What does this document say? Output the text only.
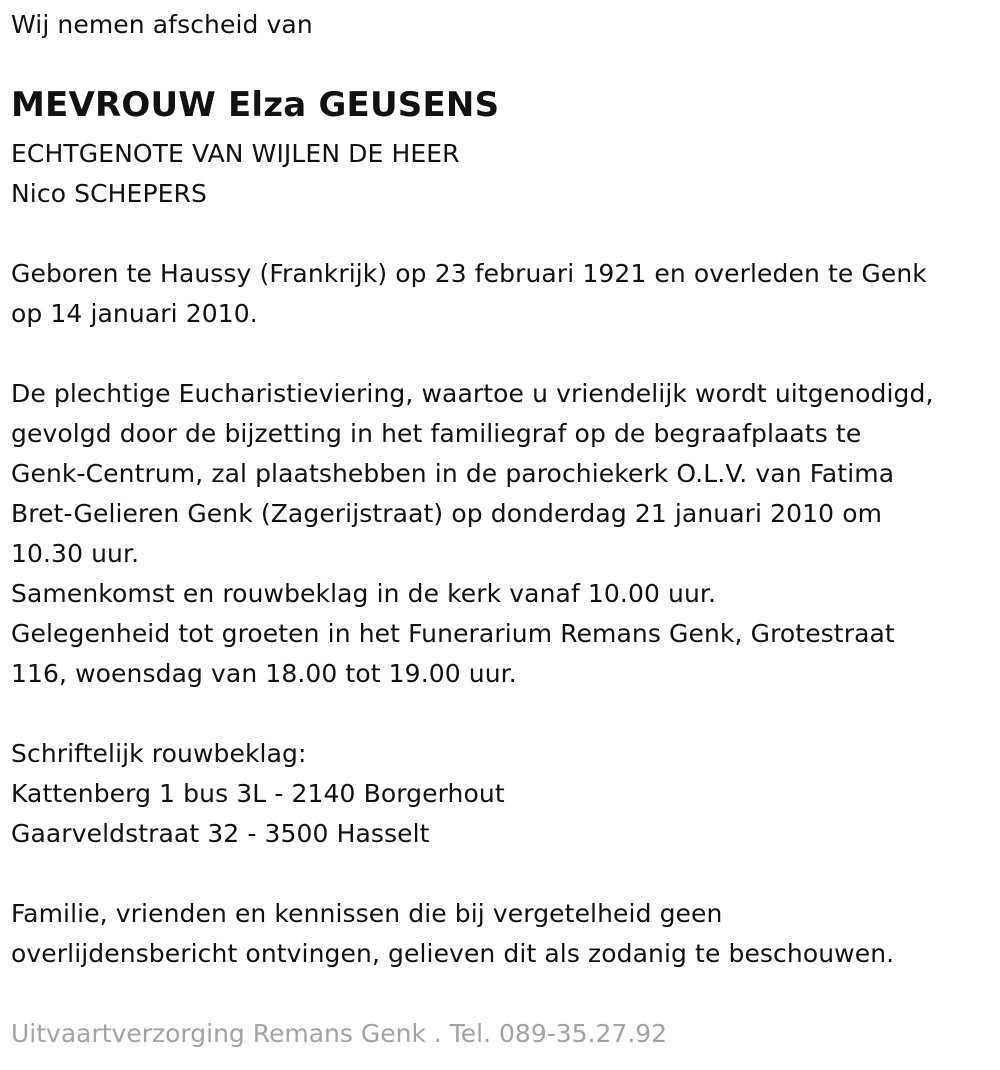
Wij nemen afscheid van
MEVROUW Elza GEUSENS
ECHTGENOTE VAN WIJLEN DE HEER
Nico SCHEPERS
Geboren te Haussy (Frankrijk) op 23 februari 1921 en overleden te Genk
op 14 januari 2010.
De plechtige Eucharistieviering, waartoe u vriendelijk wordt uitgenodigd,
gevolgd door de bijzetting in het familiegraf op de begraafplaats te
Genk-Centrum, zal plaatshebben in de parochiekerk O.L.V. van Fatima
Bret-Gelieren Genk (Zagerijstraat) op donderdag 21 januari 2010 om
10.30 uur.
Samenkomst en rouwbeklag in de kerk vanaf 10.00 uur.
Gelegenheid tot groeten in het Funerarium Remans Genk, Grotestraat
116, woensdag van 18.00 tot 19.00 uur.
Schriftelijk rouwbeklag:
Kattenberg 1 bus 3L - 2140 Borgerhout
Gaarveldstraat 32 - 3500 Hasselt
Familie, vrienden en kennissen die bij vergetelheid geen
overlijdensbericht ontvingen, gelieven dit als zodanig te beschouwen.
Uitvaartverzorging Remans Genk . Tel. 089-35.27.92
